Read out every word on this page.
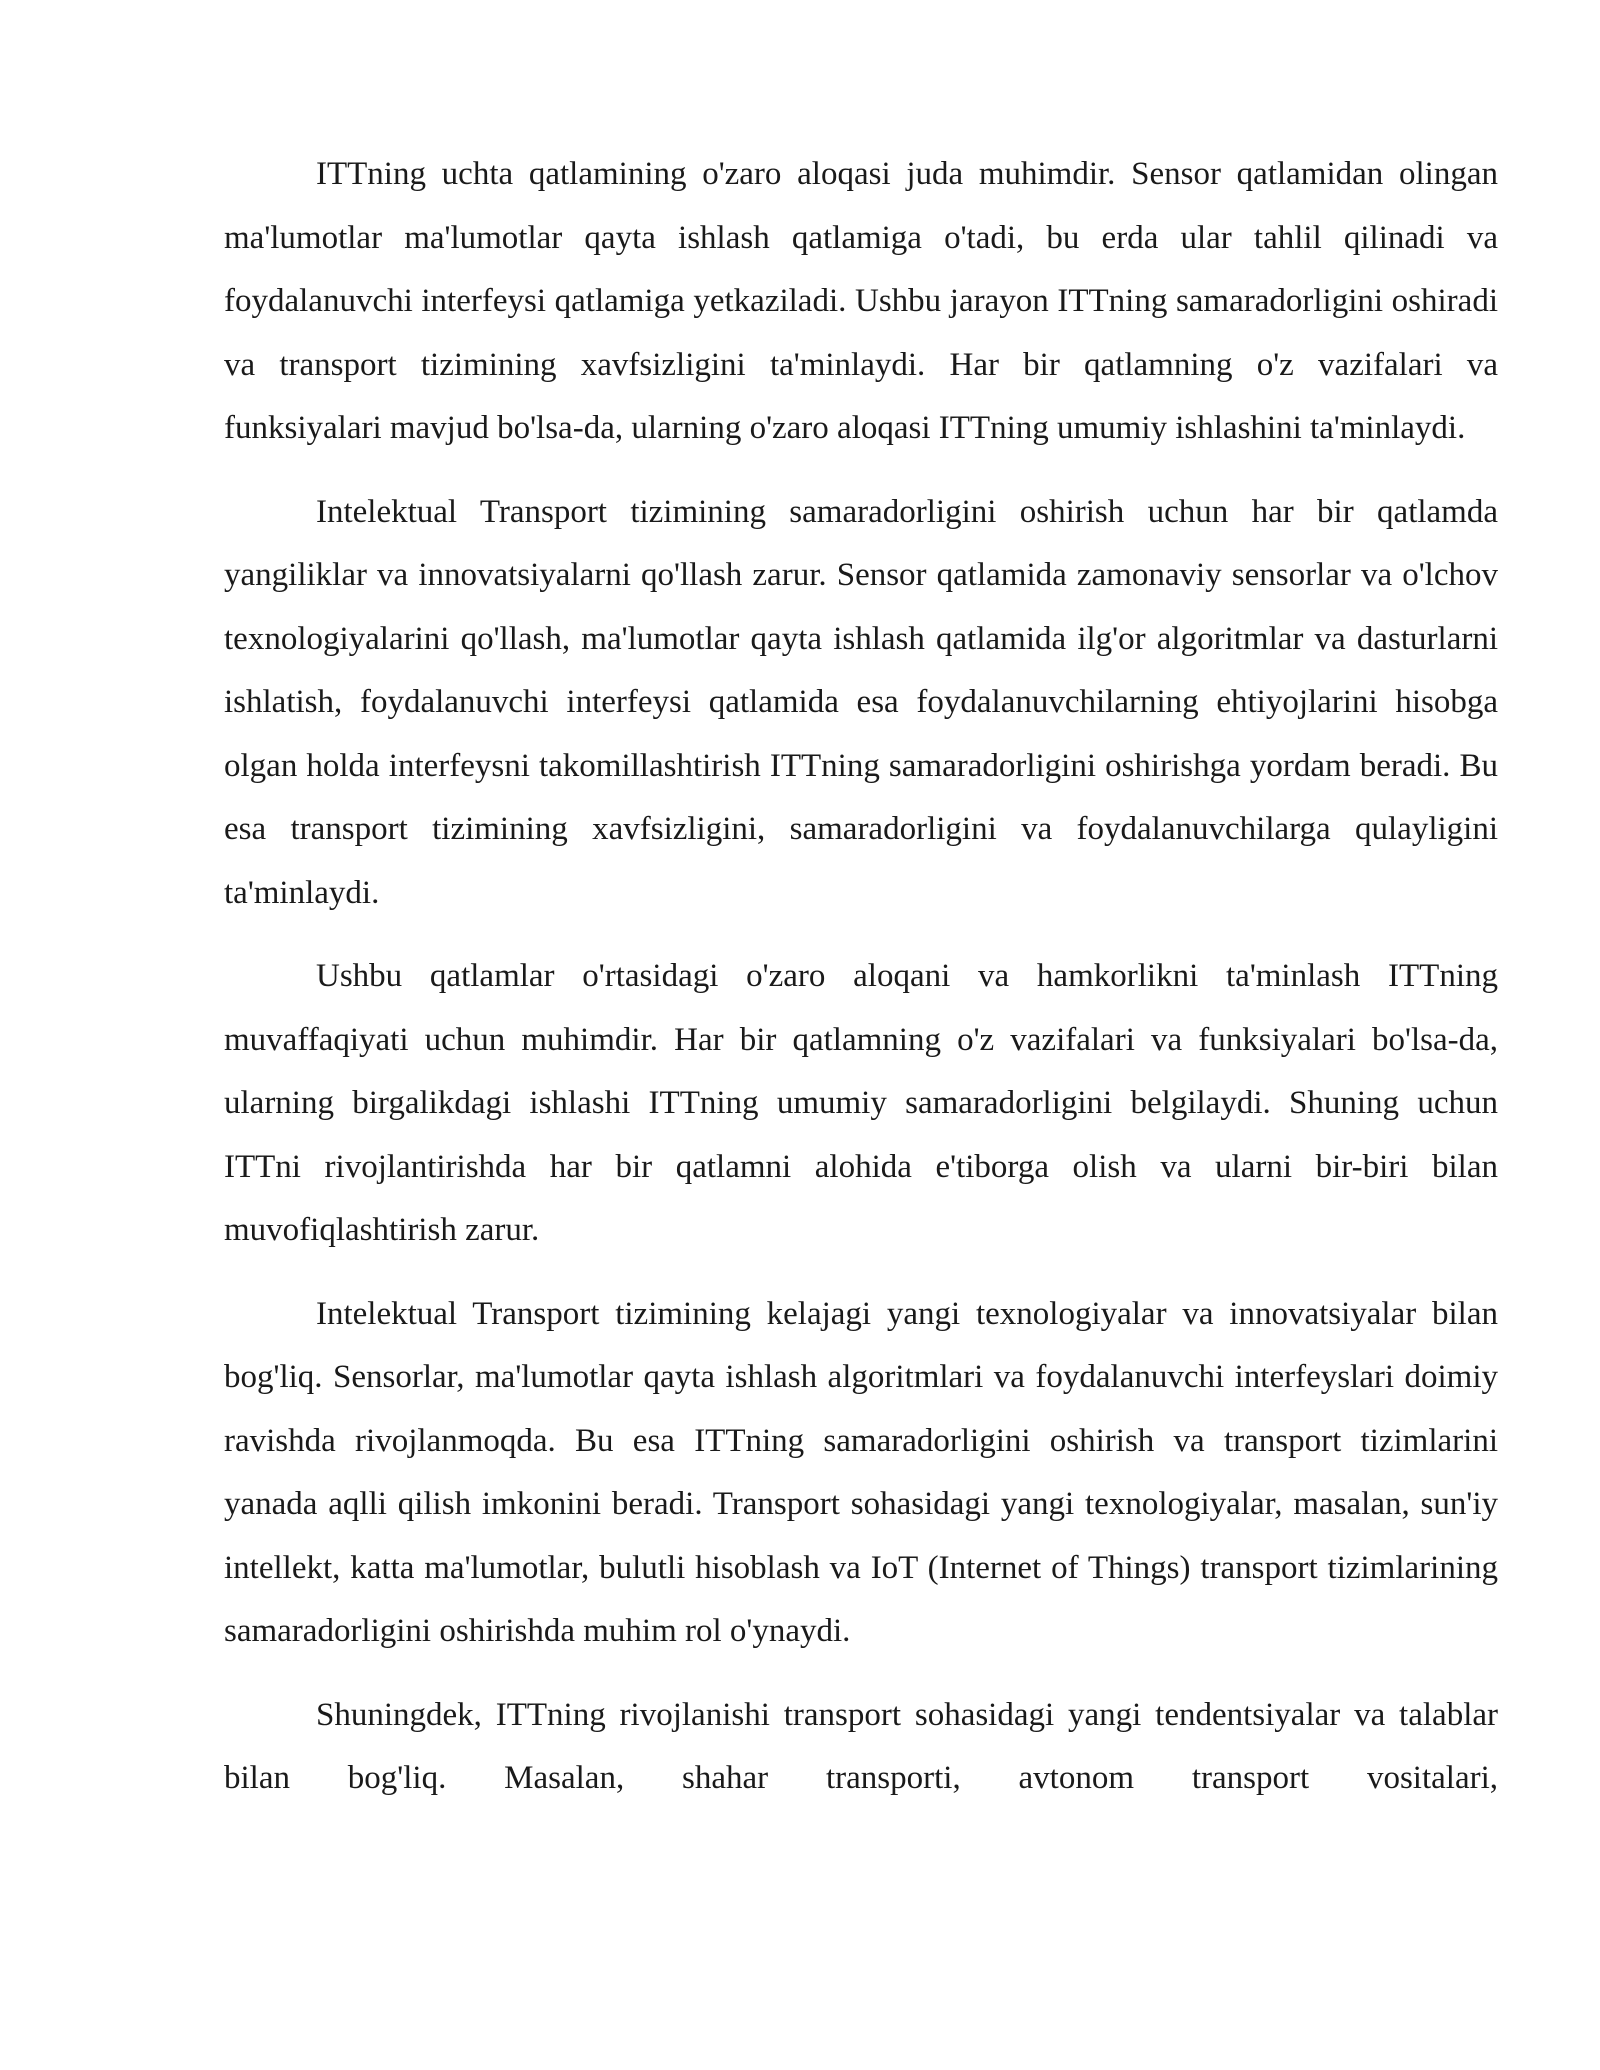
ITTning uchta qatlamining o'zaro aloqasi juda muhimdir. Sensor qatlamidan olingan ma'lumotlar ma'lumotlar qayta ishlash qatlamiga o'tadi, bu erda ular tahlil qilinadi va foydalanuvchi interfeysi qatlamiga yetkaziladi. Ushbu jarayon ITTning samaradorligini oshiradi va transport tizimining xavfsizligini ta'minlaydi. Har bir qatlamning o'z vazifalari va funksiyalari mavjud bo'lsa-da, ularning o'zaro aloqasi ITTning umumiy ishlashini ta'minlaydi.

Intelektual Transport tizimining samaradorligini oshirish uchun har bir qatlamda yangiliklar va innovatsiyalarni qo'llash zarur. Sensor qatlamida zamonaviy sensorlar va o'lchov texnologiyalarini qo'llash, ma'lumotlar qayta ishlash qatlamida ilg'or algoritmlar va dasturlarni ishlatish, foydalanuvchi interfeysi qatlamida esa foydalanuvchilarning ehtiyojlarini hisobga olgan holda interfeysni takomillashtirish ITTning samaradorligini oshirishga yordam beradi. Bu esa transport tizimining xavfsizligini, samaradorligini va foydalanuvchilarga qulayligini ta'minlaydi.

Ushbu qatlamlar o'rtasidagi o'zaro aloqani va hamkorlikni ta'minlash ITTning muvaffaqiyati uchun muhimdir. Har bir qatlamning o'z vazifalari va funksiyalari bo'lsa-da, ularning birgalikdagi ishlashi ITTning umumiy samaradorligini belgilaydi. Shuning uchun ITTni rivojlantirishda har bir qatlamni alohida e'tiborga olish va ularni bir-biri bilan muvofiqlashtirish zarur.

Intelektual Transport tizimining kelajagi yangi texnologiyalar va innovatsiyalar bilan bog'liq. Sensorlar, ma'lumotlar qayta ishlash algoritmlari va foydalanuvchi interfeyslari doimiy ravishda rivojlanmoqda. Bu esa ITTning samaradorligini oshirish va transport tizimlarini yanada aqlli qilish imkonini beradi. Transport sohasidagi yangi texnologiyalar, masalan, sun'iy intellekt, katta ma'lumotlar, bulutli hisoblash va IoT (Internet of Things) transport tizimlarining samaradorligini oshirishda muhim rol o'ynaydi.

Shuningdek, ITTning rivojlanishi transport sohasidagi yangi tendentsiyalar va talablar bilan bog'liq. Masalan, shahar transporti, avtonom transport vositalari,
